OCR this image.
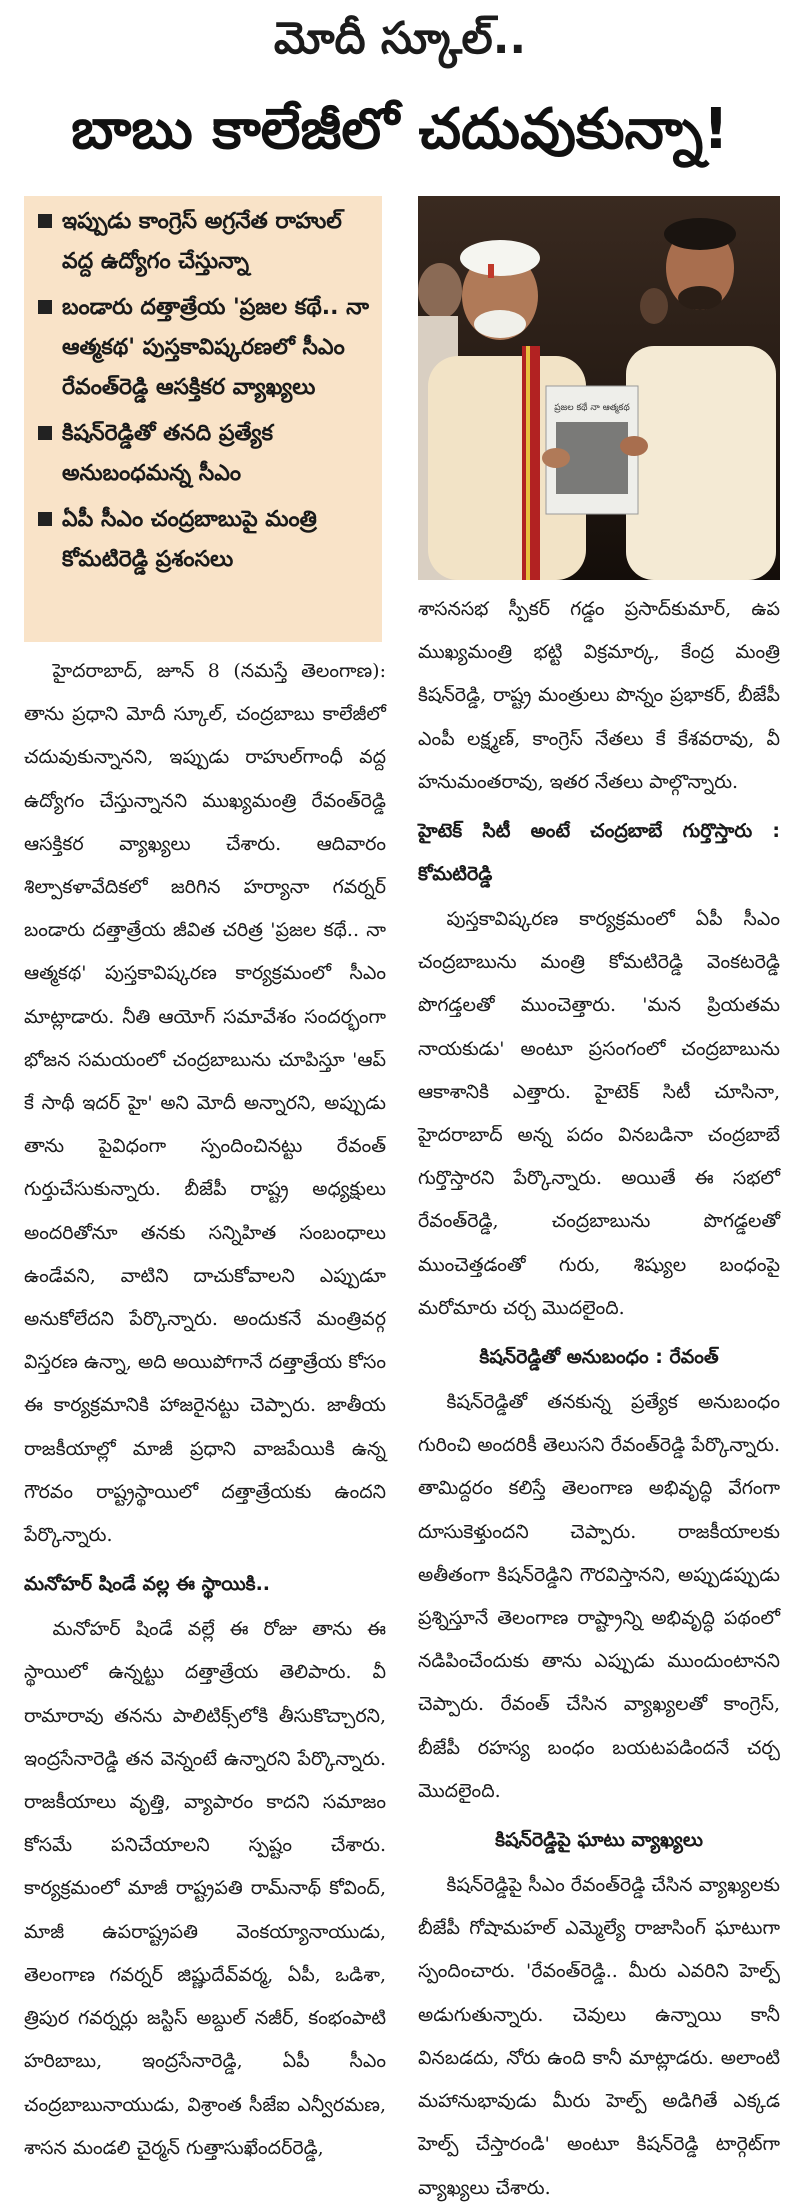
మోదీ స్కూల్‌..
బాబు కాలేజీలో చదువుకున్నా!
ఇప్పుడు కాంగ్రెస్‌ అగ్రనేత రాహుల్‌ వద్ద ఉద్యోగం చేస్తున్నా
బండారు దత్తాత్రేయ 'ప్రజల కథే.. నా ఆత్మకథ' పుస్తకావిష్కరణలో సీఎం రేవంత్‌రెడ్డి ఆసక్తికర వ్యాఖ్యలు
కిషన్‌రెడ్డితో తనది ప్రత్యేక అనుబంధమన్న సీఎం
ఏపీ సీఎం చంద్రబాబుపై మంత్రి కోమటిరెడ్డి ప్రశంసలు
ప్రజల కథే నా ఆత్మకథ

హైదరాబాద్‌, జూన్‌ 8 (నమస్తే తెలంగాణ): తాను ప్రధాని మోదీ స్కూల్‌, చంద్రబాబు కాలేజీలో చదువుకున్నానని, ఇప్పుడు రాహుల్‌గాంధీ వద్ద ఉద్యోగం చేస్తున్నానని ముఖ్యమంత్రి రేవంత్‌రెడ్డి ఆసక్తికర వ్యాఖ్యలు చేశారు. ఆదివారం శిల్పాకళావేదికలో జరిగిన హర్యానా గవర్నర్‌ బండారు దత్తాత్రేయ జీవిత చరిత్ర 'ప్రజల కథే.. నా ఆత్మకథ' పుస్తకావిష్కరణ కార్యక్రమంలో సీఎం మాట్లాడారు. నీతి ఆయోగ్‌ సమావేశం సందర్భంగా భోజన సమయంలో చంద్రబాబును చూపిస్తూ 'ఆప్‌ కే సాథీ ఇదర్‌ హై' అని మోదీ అన్నారని, అప్పుడు తాను పైవిధంగా స్పందించినట్టు రేవంత్‌ గుర్తుచేసుకున్నారు. బీజేపీ రాష్ట్ర అధ్యక్షులు అందరితోనూ తనకు సన్నిహిత సంబంధాలు ఉండేవని, వాటిని దాచుకోవాలని ఎప్పుడూ అనుకోలేదని పేర్కొన్నారు. అందుకనే మంత్రివర్గ విస్తరణ ఉన్నా, అది అయిపోగానే దత్తాత్రేయ కోసం ఈ కార్యక్రమానికి హాజరైనట్టు చెప్పారు. జాతీయ రాజకీయాల్లో మాజీ ప్రధాని వాజపేయికి ఉన్న గౌరవం రాష్ట్రస్థాయిలో దత్తాత్రేయకు ఉందని పేర్కొన్నారు.

మనోహర్‌ షిండే వల్ల ఈ స్థాయికి..

మనోహర్‌ షిండే వల్లే ఈ రోజు తాను ఈ స్థాయిలో ఉన్నట్టు దత్తాత్రేయ తెలిపారు. వీ రామారావు తనను పాలిటిక్స్‌లోకి తీసుకొచ్చారని, ఇంద్రసేనారెడ్డి తన వెన్నంటే ఉన్నారని పేర్కొన్నారు. రాజకీయాలు వృత్తి, వ్యాపారం కాదని సమాజం కోసమే పనిచేయాలని స్పష్టం చేశారు. కార్యక్రమంలో మాజీ రాష్ట్రపతి రామ్‌నాథ్‌ కోవింద్‌, మాజీ ఉపరాష్ట్రపతి వెంకయ్యానాయుడు, తెలంగాణ గవర్నర్‌ జిష్ణుదేవ్‌వర్మ, ఏపీ, ఒడిశా, త్రిపుర గవర్నర్లు జస్టిస్‌ అబ్దుల్‌ నజీర్‌, కంభంపాటి హరిబాబు, ఇంద్రసేనారెడ్డి, ఏపీ సీఎం చంద్రబాబునాయుడు, విశ్రాంత సీజేఐ ఎన్వీరమణ, శాసన మండలి చైర్మన్‌ గుత్తాసుఖేందర్‌రెడ్డి,

శాసనసభ స్పీకర్‌ గడ్డం ప్రసాద్‌కుమార్‌, ఉప ముఖ్యమంత్రి భట్టి విక్రమార్క, కేంద్ర మంత్రి కిషన్‌రెడ్డి, రాష్ట్ర మంత్రులు పొన్నం ప్రభాకర్‌, బీజేపీ ఎంపీ లక్ష్మణ్‌, కాంగ్రెస్‌ నేతలు కే కేశవరావు, వీ హనుమంతరావు, ఇతర నేతలు పాల్గొన్నారు.

హైటెక్‌ సిటీ అంటే చంద్రబాబే గుర్తొస్తారు : కోమటిరెడ్డి

పుస్తకావిష్కరణ కార్యక్రమంలో ఏపీ సీఎం చంద్రబాబును మంత్రి కోమటిరెడ్డి వెంకటరెడ్డి పొగడ్తలతో ముంచెత్తారు. 'మన ప్రియతమ నాయకుడు' అంటూ ప్రసంగంలో చంద్రబాబును ఆకాశానికి ఎత్తారు. హైటెక్‌ సిటీ చూసినా, హైదరాబాద్‌ అన్న పదం వినబడినా చంద్రబాబే గుర్తొస్తారని పేర్కొన్నారు. అయితే ఈ సభలో రేవంత్‌రెడ్డి, చంద్రబాబును పొగడ్డలతో ముంచెత్తడంతో గురు, శిష్యుల బంధంపై మరోమారు చర్చ మొదలైంది.

కిషన్‌రెడ్డితో అనుబంధం : రేవంత్‌

కిషన్‌రెడ్డితో తనకున్న ప్రత్యేక అనుబంధం గురించి అందరికీ తెలుసని రేవంత్‌రెడ్డి పేర్కొన్నారు. తామిద్దరం కలిస్తే తెలంగాణ అభివృద్ధి వేగంగా దూసుకెళ్తుందని చెప్పారు. రాజకీయాలకు అతీతంగా కిషన్‌రెడ్డిని గౌరవిస్తానని, అప్పుడప్పుడు ప్రశ్నిస్తూనే తెలంగాణ రాష్ట్రాన్ని అభివృద్ధి పథంలో నడిపించేందుకు తాను ఎప్పుడు ముందుంటానని చెప్పారు. రేవంత్‌ చేసిన వ్యాఖ్యలతో కాంగ్రెస్‌, బీజేపీ రహస్య బంధం బయటపడిందనే చర్చ మొదలైంది.

కిషన్‌రెడ్డిపై ఘాటు వ్యాఖ్యలు

కిషన్‌రెడ్డిపై సీఎం రేవంత్‌రెడ్డి చేసిన వ్యాఖ్యలకు బీజేపీ గోషామహల్‌ ఎమ్మెల్యే రాజాసింగ్‌ ఘాటుగా స్పందించారు. 'రేవంత్‌రెడ్డి.. మీరు ఎవరిని హెల్ప్‌ అడుగుతున్నారు. చెవులు ఉన్నాయి కానీ వినబడదు, నోరు ఉంది కానీ మాట్లాడరు. అలాంటి మహానుభావుడు మీరు హెల్ప్‌ అడిగితే ఎక్కడ హెల్ప్‌ చేస్తారండి' అంటూ కిషన్‌రెడ్డి టార్గెట్‌గా వ్యాఖ్యలు చేశారు.
